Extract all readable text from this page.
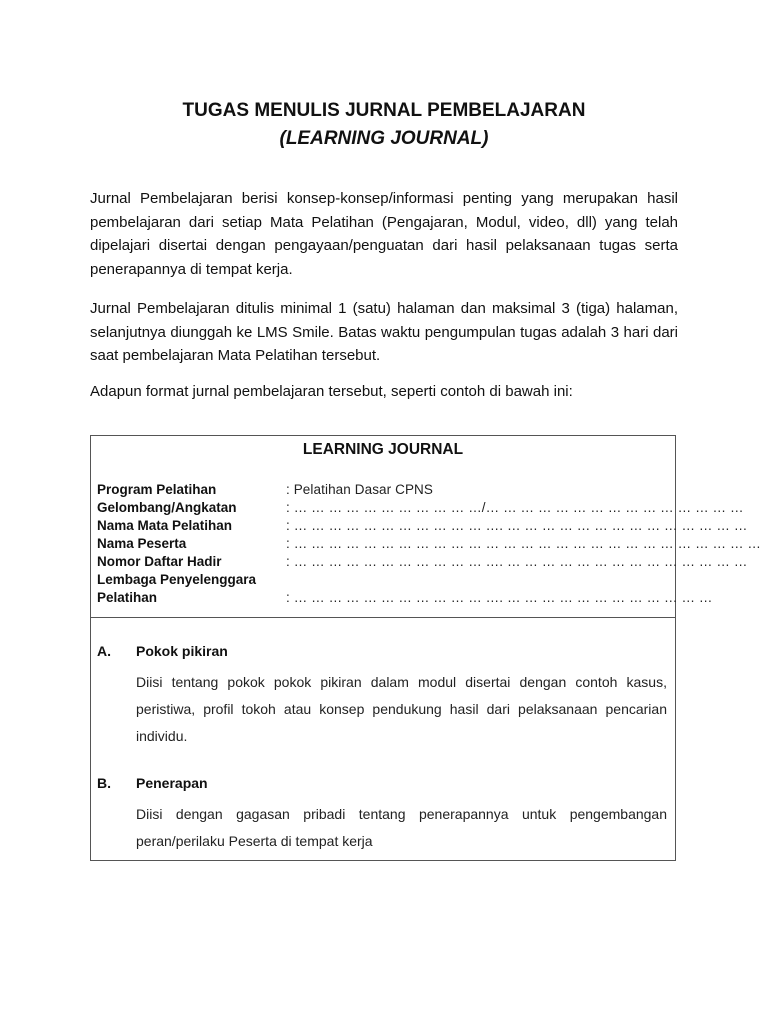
TUGAS MENULIS JURNAL PEMBELAJARAN
(LEARNING JOURNAL)

Jurnal Pembelajaran berisi konsep-konsep/informasi penting yang merupakan hasil pembelajaran dari setiap Mata Pelatihan (Pengajaran, Modul, video, dll) yang telah dipelajari disertai dengan pengayaan/penguatan dari hasil pelaksanaan tugas serta penerapannya di tempat kerja.

Jurnal Pembelajaran ditulis minimal 1 (satu) halaman dan maksimal 3 (tiga) halaman, selanjutnya diunggah ke LMS Smile. Batas waktu pengumpulan tugas adalah 3 hari dari saat pembelajaran Mata Pelatihan tersebut.

Adapun format jurnal pembelajaran tersebut, seperti contoh di bawah ini:

LEARNING JOURNAL
Program Pelatihan	: Pelatihan Dasar CPNS
Gelombang/Angkatan	: … … … … … … … … … … …/… … … … … … … … … … … … … … …
Nama Mata Pelatihan	: … … … … … … … … … … … …. … … … … … … … … … … … … … …
Nama Peserta	: … … … … … … … … … … … … … … … … … … … … … … … … … … …
Nomor Daftar Hadir	: … … … … … … … … … … … …. … … … … … … … … … … … … … …
Lembaga Penyelenggara
Pelatihan	: … … … … … … … … … … … …. … … … … … … … … … … … …
A. Pokok pikiran

Diisi tentang pokok pokok pikiran dalam modul disertai dengan contoh kasus, peristiwa, profil tokoh atau konsep pendukung hasil dari pelaksanaan pencarian individu.

B. Penerapan

Diisi dengan gagasan pribadi tentang penerapannya untuk pengembangan peran/perilaku Peserta di tempat kerja
